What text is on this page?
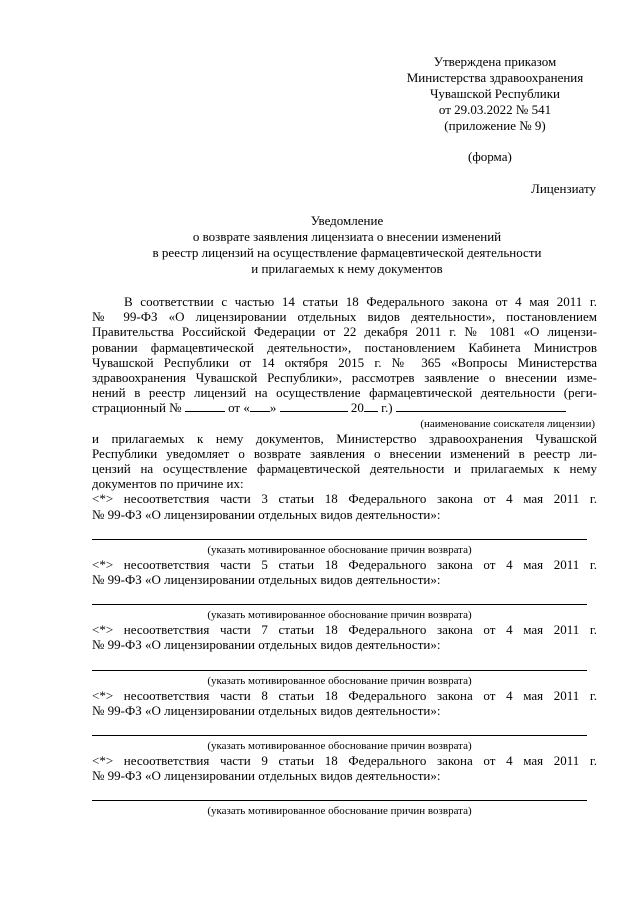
Утверждена приказом
Министерства здравоохранения
Чувашской Республики
от 29.03.2022 № 541
(приложение № 9)
(форма)
Лицензиату
Уведомление
о возврате заявления лицензиата о внесении изменений
в реестр лицензий на осуществление фармацевтической деятельности
и прилагаемых к нему документов

В соответствии с частью 14 статьи 18 Федерального закона от 4 мая 2011 г.

№ 99-ФЗ «О лицензировании отдельных видов деятельности», постановлением

Правительства Российской Федерации от 22 декабря 2011 г. № 1081 «О лицензи-

ровании фармацевтической деятельности», постановлением Кабинета Министров

Чувашской Республики от 14 октября 2015 г. № 365 «Вопросы Министерства

здравоохранения Чувашской Республики», рассмотрев заявление о внесении изме-

нений в реестр лицензий на осуществление фармацевтической деятельности (реги-

страционный №	от « »	20 г.)
(наименование соискателя лицензии)

и прилагаемых к нему документов, Министерство здравоохранения Чувашской

Республики уведомляет о возврате заявления о внесении изменений в реестр ли-

цензий на осуществление фармацевтической деятельности и прилагаемых к нему

документов по причине их:

<*> несоответствия части 3 статьи 18 Федерального закона от 4 мая 2011 г.

№ 99-ФЗ «О лицензировании отдельных видов деятельности»:

(указать мотивированное обоснование причин возврата)

<*> несоответствия части 5 статьи 18 Федерального закона от 4 мая 2011 г.

№ 99-ФЗ «О лицензировании отдельных видов деятельности»:

(указать мотивированное обоснование причин возврата)

<*> несоответствия части 7 статьи 18 Федерального закона от 4 мая 2011 г.

№ 99-ФЗ «О лицензировании отдельных видов деятельности»:

(указать мотивированное обоснование причин возврата)

<*> несоответствия части 8 статьи 18 Федерального закона от 4 мая 2011 г.

№ 99-ФЗ «О лицензировании отдельных видов деятельности»:

(указать мотивированное обоснование причин возврата)

<*> несоответствия части 9 статьи 18 Федерального закона от 4 мая 2011 г.

№ 99-ФЗ «О лицензировании отдельных видов деятельности»:

(указать мотивированное обоснование причин возврата)
